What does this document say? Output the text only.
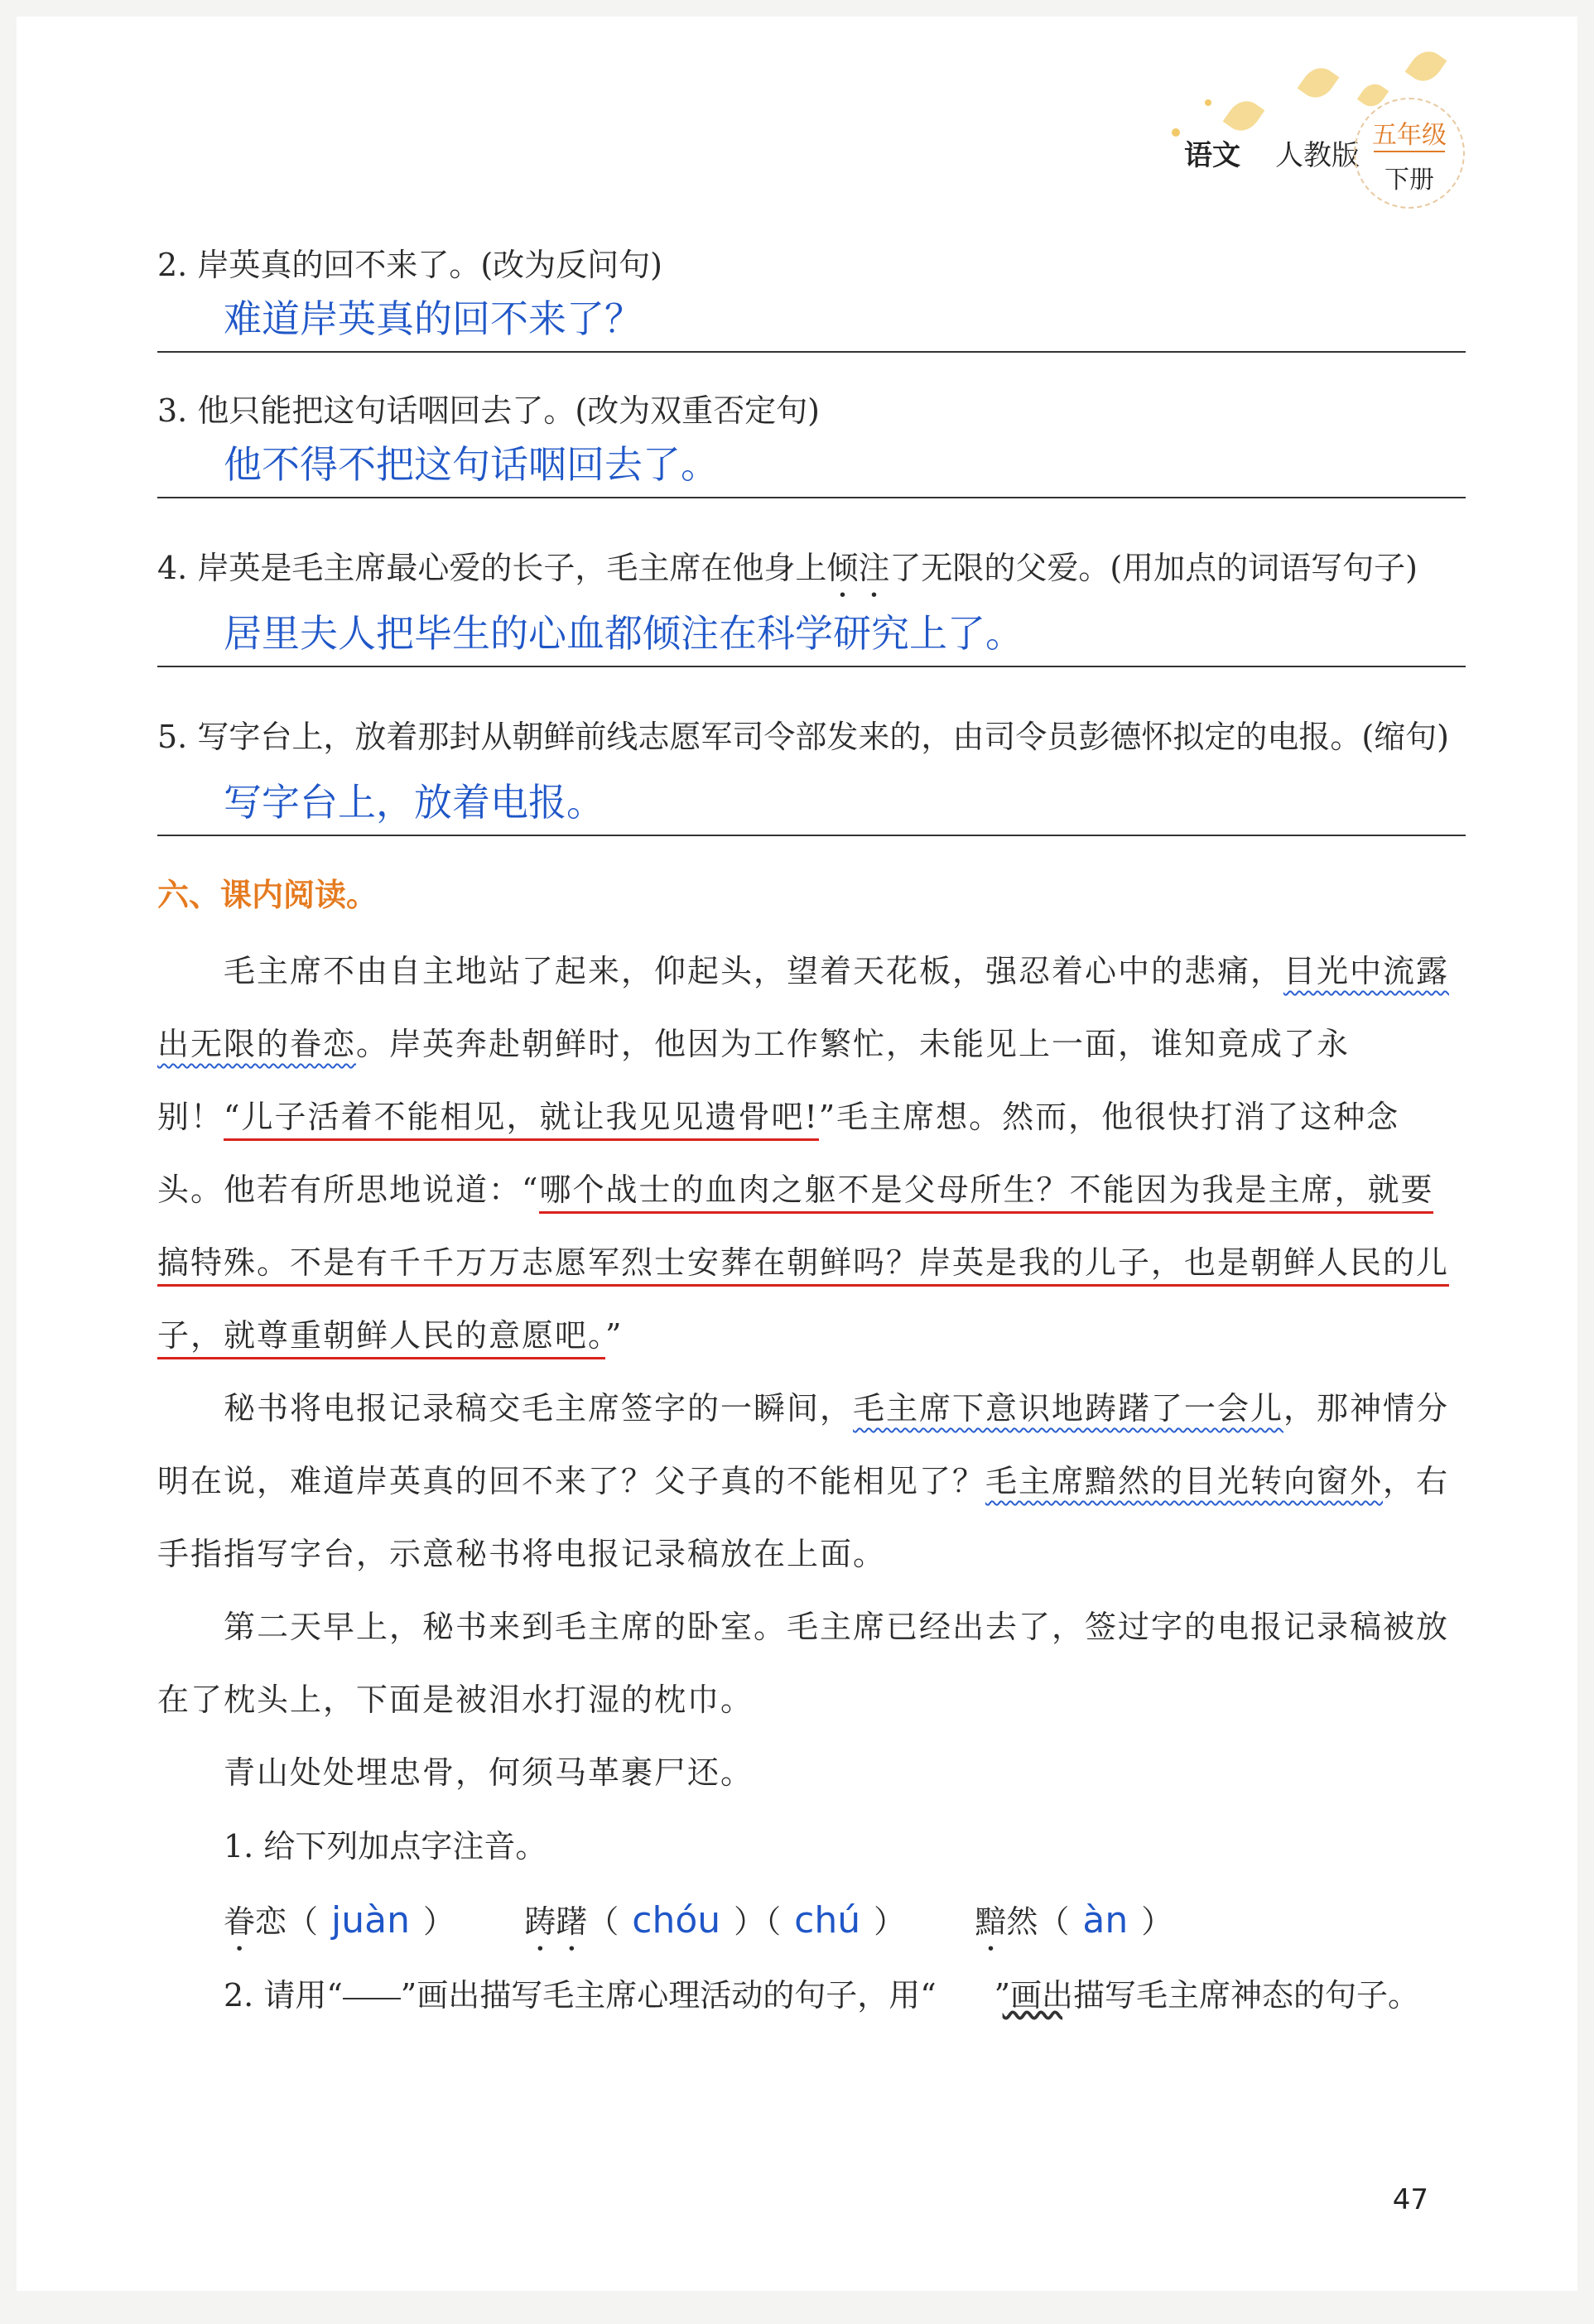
语文 人教版
五年级
下册

2. 岸英真的回不来了。(改为反问句)

难道岸英真的回不来了？

3. 他只能把这句话咽回去了。(改为双重否定句)

他不得不把这句话咽回去了。

4. 岸英是毛主席最心爱的长子，毛主席在他身上倾注了无限的父爱。(用加点的词语写句子)

居里夫人把毕生的心血都倾注在科学研究上了。

5. 写字台上，放着那封从朝鲜前线志愿军司令部发来的，由司令员彭德怀拟定的电报。(缩句)

写字台上，放着电报。
六、课内阅读。

毛主席不由自主地站了起来，仰起头，望着天花板，强忍着心中的悲痛，目光中流露出无限的眷恋。岸英奔赴朝鲜时，他因为工作繁忙，未能见上一面，谁知竟成了永别！“儿子活着不能相见，就让我见见遗骨吧!”毛主席想。然而，他很快打消了这种念头。他若有所思地说道：“哪个战士的血肉之躯不是父母所生？不能因为我是主席，就要搞特殊。不是有千千万万志愿军烈士安葬在朝鲜吗？岸英是我的儿子，也是朝鲜人民的儿子，就尊重朝鲜人民的意愿吧。”

秘书将电报记录稿交毛主席签字的一瞬间，毛主席下意识地踌躇了一会儿，那神情分明在说，难道岸英真的回不来了？父子真的不能相见了？毛主席黯然的目光转向窗外，右手指指写字台，示意秘书将电报记录稿放在上面。

第二天早上，秘书来到毛主席的卧室。毛主席已经出去了，签过字的电报记录稿被放在了枕头上，下面是被泪水打湿的枕巾。

青山处处埋忠骨，何须马革裹尸还。

1. 给下列加点字注音。

眷恋（ juàn ）  踌躇（ chóu ）（ chú ）  黯然（ àn ）

2. 请用“ ”画出描写毛主席心理活动的句子，用“ ”画出描写毛主席神态的句子。

47
